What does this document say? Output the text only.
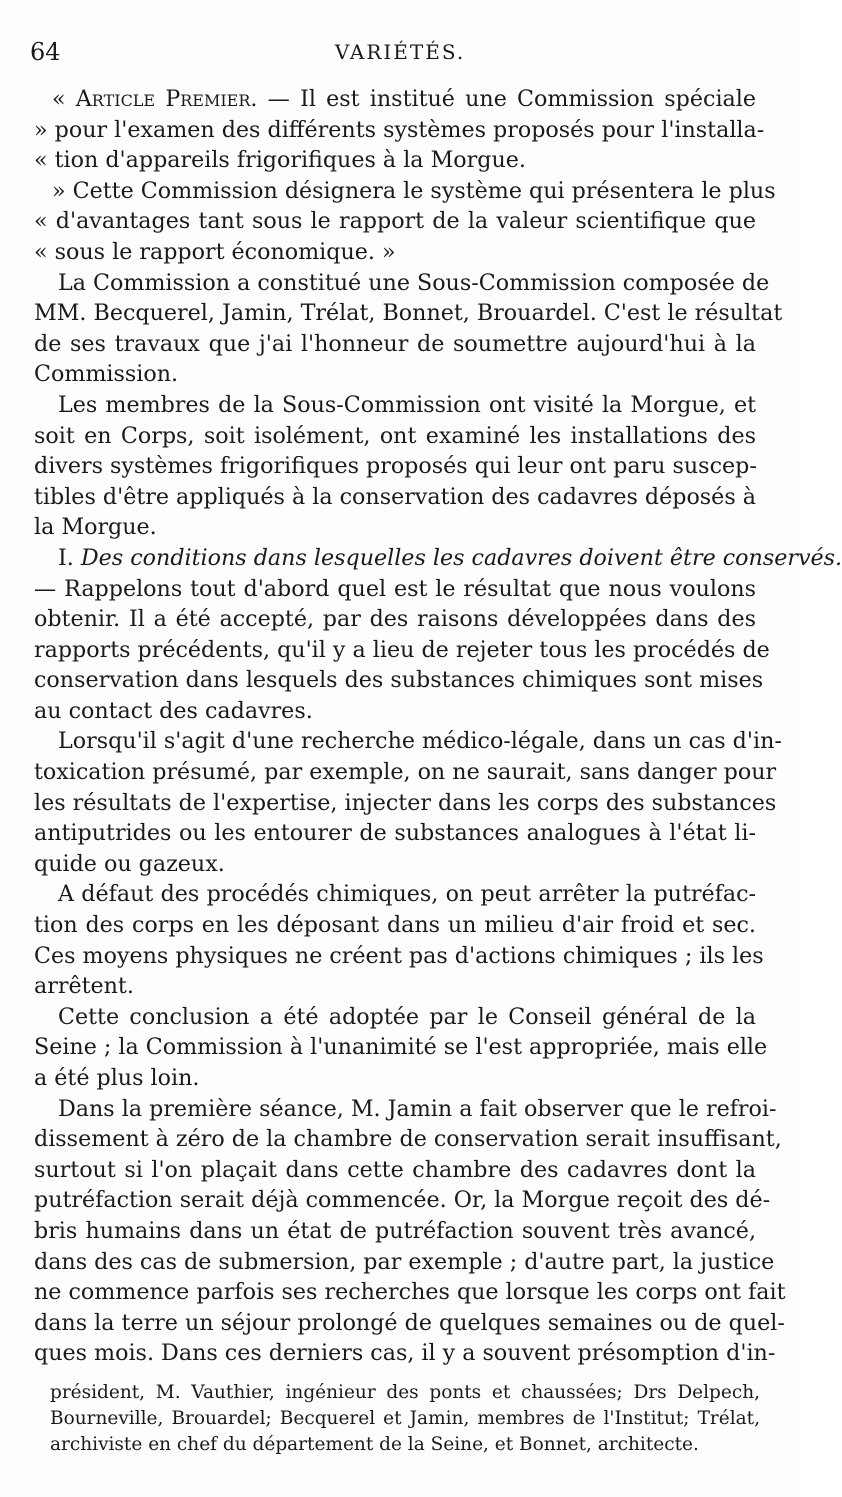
64	VARIÉTÉS.
« Article Premier. — Il est institué une Commission spéciale
» pour l'examen des différents systèmes proposés pour l'installa-
« tion d'appareils frigorifiques à la Morgue.
» Cette Commission désignera le système qui présentera le plus
« d'avantages tant sous le rapport de la valeur scientifique que
« sous le rapport économique. »
La Commission a constitué une Sous-Commission composée de
MM. Becquerel, Jamin, Trélat, Bonnet, Brouardel. C'est le résultat
de ses travaux que j'ai l'honneur de soumettre aujourd'hui à la
Commission.
Les membres de la Sous-Commission ont visité la Morgue, et
soit en Corps, soit isolément, ont examiné les installations des
divers systèmes frigorifiques proposés qui leur ont paru suscep-
tibles d'être appliqués à la conservation des cadavres déposés à
la Morgue.
I. Des conditions dans lesquelles les cadavres doivent être conservés.
— Rappelons tout d'abord quel est le résultat que nous voulons
obtenir. Il a été accepté, par des raisons développées dans des
rapports précédents, qu'il y a lieu de rejeter tous les procédés de
conservation dans lesquels des substances chimiques sont mises
au contact des cadavres.
Lorsqu'il s'agit d'une recherche médico-légale, dans un cas d'in-
toxication présumé, par exemple, on ne saurait, sans danger pour
les résultats de l'expertise, injecter dans les corps des substances
antiputrides ou les entourer de substances analogues à l'état li-
quide ou gazeux.
A défaut des procédés chimiques, on peut arrêter la putréfac-
tion des corps en les déposant dans un milieu d'air froid et sec.
Ces moyens physiques ne créent pas d'actions chimiques ; ils les
arrêtent.
Cette conclusion a été adoptée par le Conseil général de la
Seine ; la Commission à l'unanimité se l'est appropriée, mais elle
a été plus loin.
Dans la première séance, M. Jamin a fait observer que le refroi-
dissement à zéro de la chambre de conservation serait insuffisant,
surtout si l'on plaçait dans cette chambre des cadavres dont la
putréfaction serait déjà commencée. Or, la Morgue reçoit des dé-
bris humains dans un état de putréfaction souvent très avancé,
dans des cas de submersion, par exemple ; d'autre part, la justice
ne commence parfois ses recherches que lorsque les corps ont fait
dans la terre un séjour prolongé de quelques semaines ou de quel-
ques mois. Dans ces derniers cas, il y a souvent présomption d'in-
président, M. Vauthier, ingénieur des ponts et chaussées; Drs Delpech,
Bourneville, Brouardel; Becquerel et Jamin, membres de l'Institut; Trélat,
archiviste en chef du département de la Seine, et Bonnet, architecte.
